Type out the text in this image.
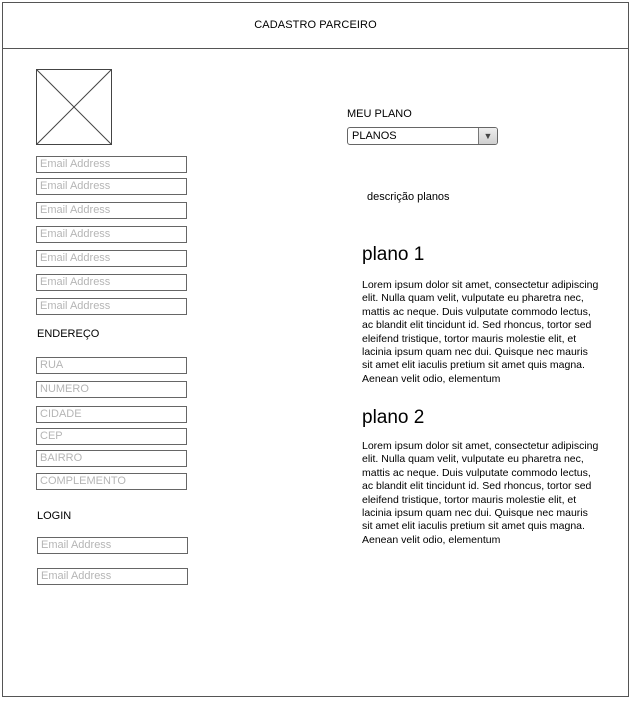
CADASTRO PARCEIRO
Email Address
Email Address
Email Address
Email Address
Email Address
Email Address
Email Address
ENDEREÇO
RUA
NUMERO
CIDADE
CEP
BAIRRO
COMPLEMENTO
LOGIN
Email Address
Email Address
MEU PLANO
PLANOS	▼
descrição planos
plano 1
Lorem ipsum dolor sit amet, consectetur adipiscing elit. Nulla quam velit, vulputate eu pharetra nec, mattis ac neque. Duis vulputate commodo lectus, ac blandit elit tincidunt id. Sed rhoncus, tortor sed eleifend tristique, tortor mauris molestie elit, et lacinia ipsum quam nec dui. Quisque nec mauris sit amet elit iaculis pretium sit amet quis magna. Aenean velit odio, elementum
plano 2
Lorem ipsum dolor sit amet, consectetur adipiscing elit. Nulla quam velit, vulputate eu pharetra nec, mattis ac neque. Duis vulputate commodo lectus, ac blandit elit tincidunt id. Sed rhoncus, tortor sed eleifend tristique, tortor mauris molestie elit, et lacinia ipsum quam nec dui. Quisque nec mauris sit amet elit iaculis pretium sit amet quis magna. Aenean velit odio, elementum
